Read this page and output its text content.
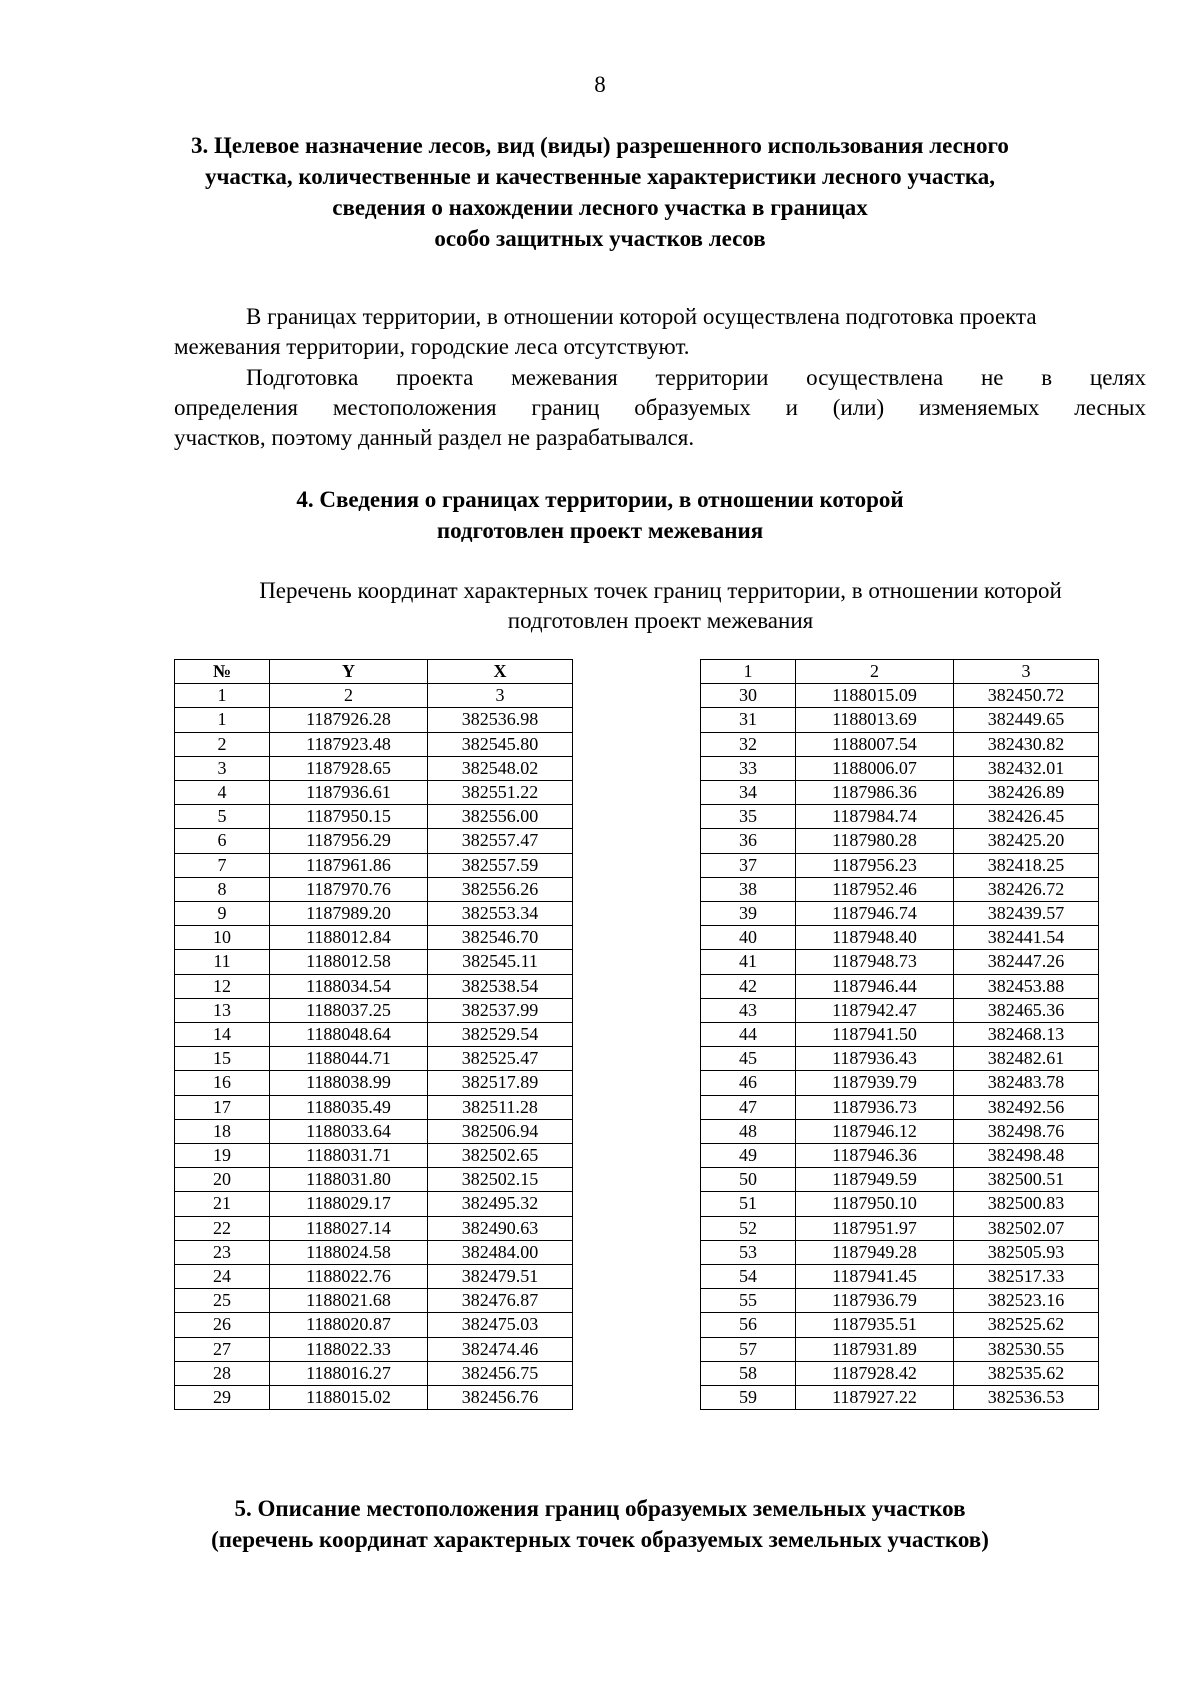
8
3. Целевое назначение лесов, вид (виды) разрешенного использования лесного
участка, количественные и качественные характеристики лесного участка,
сведения о нахождении лесного участка в границах
особо защитных участков лесов
В границах территории, в отношении которой осуществлена подготовка проекта
межевания территории, городские леса отсутствуют.
Подготовка проекта межевания территории осуществлена не в целях
определения местоположения границ образуемых и (или) изменяемых лесных
участков, поэтому данный раздел не разрабатывался.
4. Сведения о границах территории, в отношении которой
подготовлен проект межевания
Перечень координат характерных точек границ территории, в отношении которой
подготовлен проект межевания
№	Y	X
1	2	3
1	1187926.28	382536.98
2	1187923.48	382545.80
3	1187928.65	382548.02
4	1187936.61	382551.22
5	1187950.15	382556.00
6	1187956.29	382557.47
7	1187961.86	382557.59
8	1187970.76	382556.26
9	1187989.20	382553.34
10	1188012.84	382546.70
11	1188012.58	382545.11
12	1188034.54	382538.54
13	1188037.25	382537.99
14	1188048.64	382529.54
15	1188044.71	382525.47
16	1188038.99	382517.89
17	1188035.49	382511.28
18	1188033.64	382506.94
19	1188031.71	382502.65
20	1188031.80	382502.15
21	1188029.17	382495.32
22	1188027.14	382490.63
23	1188024.58	382484.00
24	1188022.76	382479.51
25	1188021.68	382476.87
26	1188020.87	382475.03
27	1188022.33	382474.46
28	1188016.27	382456.75
29	1188015.02	382456.76
1	2	3
30	1188015.09	382450.72
31	1188013.69	382449.65
32	1188007.54	382430.82
33	1188006.07	382432.01
34	1187986.36	382426.89
35	1187984.74	382426.45
36	1187980.28	382425.20
37	1187956.23	382418.25
38	1187952.46	382426.72
39	1187946.74	382439.57
40	1187948.40	382441.54
41	1187948.73	382447.26
42	1187946.44	382453.88
43	1187942.47	382465.36
44	1187941.50	382468.13
45	1187936.43	382482.61
46	1187939.79	382483.78
47	1187936.73	382492.56
48	1187946.12	382498.76
49	1187946.36	382498.48
50	1187949.59	382500.51
51	1187950.10	382500.83
52	1187951.97	382502.07
53	1187949.28	382505.93
54	1187941.45	382517.33
55	1187936.79	382523.16
56	1187935.51	382525.62
57	1187931.89	382530.55
58	1187928.42	382535.62
59	1187927.22	382536.53
5. Описание местоположения границ образуемых земельных участков
(перечень координат характерных точек образуемых земельных участков)
